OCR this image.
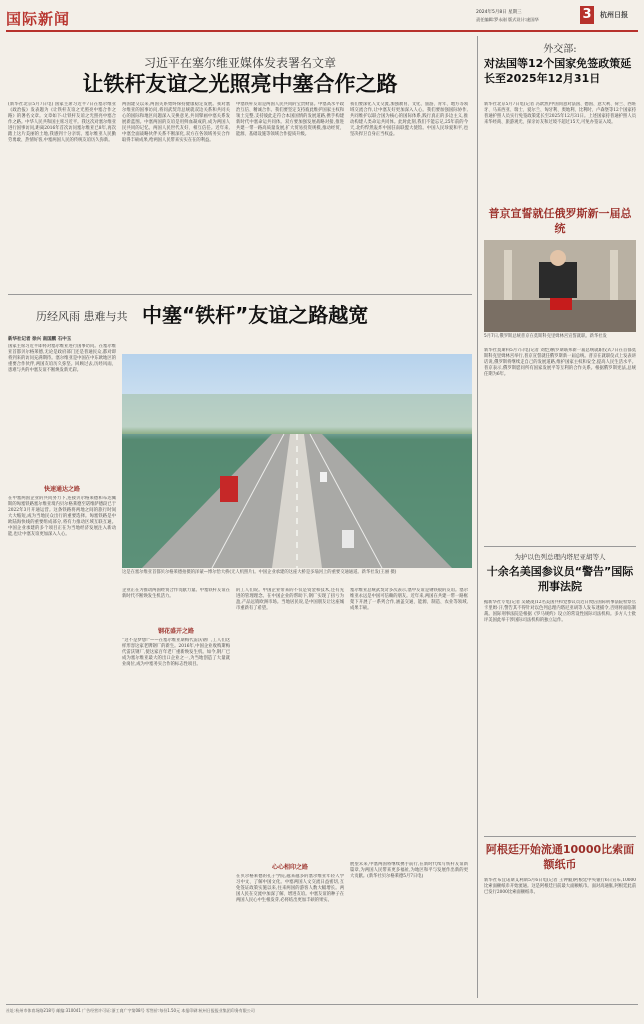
国际新闻	2024年5月8日 星期三
责任编辑:罗永刚 版式设计:庞国华	3	杭州日报
习近平在塞尔维亚媒体发表署名文章
让铁杆友谊之光照亮中塞合作之路
(新华社北京5月7日电) 国家主席习近平7日在塞尔维亚《政治报》发表题为《让铁杆友谊之光照亮中塞合作之路》的署名文章。文章如下:让铁杆友谊之光照亮中塞合作之路。中华人民共和国主席习近平。我这次对塞尔维亚进行国事访问,距离2016年首次访问塞尔维亚已8年,再次踏上这片美丽的土地,我感到十分亲切。塞尔维亚人民勤劳勇敢、热情好客,中塞两国人民的传统友谊历久弥新。
两国建交以来,两国关系始终保持健康稳定发展。我对塞尔维亚的国事访问,将同武契奇总统就双边关系和共同关心的国际和地区问题深入交换意见,共同擘画中塞关系发展新蓝图。中塞两国的友谊是用鲜血凝成的,成为两国人民共同的记忆。两国人民世代友好、相互信任。近年来,中塞全面战略伙伴关系不断深化,双方在各领域务实合作取得丰硕成果,给两国人民带来实实在在的利益。
中塞铁杆友谊是两国人民共同的宝贵财富。中塞高水平政治互信、精诚合作。我们要坚定支持彼此维护国家主权和领土完整,支持彼此走符合本国国情的发展道路,携手构建新时代中塞命运共同体。双方要加强发展战略对接,推进共建一带一路高质量发展,扩大贸易投资规模,推动经贸、能源、基础设施等领域合作提质升级。
我们要深化人文交流,加强教育、文化、旅游、青年、地方等领域交流合作,让中塞友好更加深入人心。我们要加强国际协作,共同维护以联合国为核心的国际体系,践行真正的多边主义,推动构建人类命运共同体。此时此刻,我们不能忘记,25年前的今天,北约悍然轰炸中国驻南联盟大使馆。中国人民珍爱和平,也坚决捍卫自身正当权益。
历经风雨 患难与共 中塞“铁杆”友谊之路越宽
新华社记者 徐兴 南国鹏 石中玉
国家主席习近平即将对塞尔维亚进行国事访问。在塞尔维亚首都贝尔格莱德,无论是政府部门还是普通民众,都对即将到来的访问充满期待。塞尔维亚是中国在中东欧地区的重要合作伙伴,两国友谊历久弥坚。回顾过去,历经风雨、患难与共的中塞友谊不断焕发新光彩。
快速通达之路
在中塞两国企业的共同努力下,连接贝尔格莱德和布达佩斯的匈塞铁路塞尔维亚境内贝尔格莱德至诺维萨德段已于2022年3月开通运营。这条铁路将两地之间的旅行时间大大缩短,成为当地民众出行的重要选择。匈塞铁路是中欧陆海快线的重要组成部分,将有力推动区域互联互通。中国企业承建的多个项目正在为当地经济发展注入新动能,也让中塞友谊更加深入人心。
这是在塞尔维亚首都贝尔格莱德拍摄的泽蒙—博尔恰大桥(无人机照片)。中国企业承建的这座大桥是多瑙河上的重要交通通道。新华社发(王丽 摄)
企业正在为推动两国经贸合作贡献力量。中塞铁杆友谊在新时代不断焕发生机活力。
钢花盛开之路
“这不是梦想!”——在塞尔维亚斯梅代雷沃钢厂,工人们这样形容这家老牌钢厂的新生。2016年,中国企业收购斯梅代雷沃钢厂,使这家百年老厂重新焕发生机。如今,钢厂已成为塞尔维亚最大的出口企业之一,为当地创造了大量就业岗位,成为中塞务实合作的标志性项目。
的工人们说。中国企业带来的不仅是资金和技术,还有先进的管理理念。在中国企业的帮助下,钢厂实现了扭亏为盈,产品远销欧洲市场。当地居民说,是中国朋友让这座城市重新有了希望。
心心相印之路
在贝尔格莱德的孔子学院,越来越多的塞尔维亚年轻人学习中文、了解中国文化。中塞两国人文交流日益密切,互免签证政策实施以来,往来两国的游客人数大幅增长。两国人民在交流中加深了解、增进友谊。中塞友谊的种子在两国人民心中生根发芽,必将结出更加丰硕的果实。
塞尔维亚总统武契奇多次表示,塞中友谊是钢铁般的友谊。塞尔维亚永远是中国可信赖的朋友。近年来,两国在共建一带一路框架下开展了一系列合作,涵盖交通、能源、制造、农业等领域,成果丰硕。
展望未来,中塞两国将继续携手前行,在新时代续写铁杆友谊新篇章,为两国人民带来更多福祉,为地区和平与发展作出新的更大贡献。(新华社贝尔格莱德5月7日电)
外交部:
对法国等12个国家免签政策延长至2025年12月31日
新华社北京5月7日电(记者 冯歆然)中国同意对法国、德国、意大利、荷兰、西班牙、马来西亚、瑞士、爱尔兰、匈牙利、奥地利、比利时、卢森堡等12个国家持普通护照人员实行免签政策延长至2025年12月31日。上述国家持普通护照人员来华经商、旅游观光、探亲访友和过境不超过15天,可免办签证入境。
普京宣誓就任俄罗斯新一届总统
5月7日,俄罗斯总统普京在莫斯科克里姆林宫宣誓就职。新华社发
新华社莫斯科5月7日电(记者 刘恺)俄罗斯联邦新一届总统就职仪式7日在首都莫斯科克里姆林宫举行,普京宣誓就任俄罗斯新一届总统。普京在就职仪式上发表讲话说,俄罗斯将继续走自己的发展道路,维护国家主权和安全,提高人民生活水平。普京表示,俄罗斯愿同所有国家发展平等互利的合作关系。根据俄罗斯宪法,总统任期为6年。
为护以色列总理内塔尼亚胡等人
十余名美国参议员“警告”国际刑事法院
据新华社专电(记者 吴晓凌)12名美国共和党参议员近日致信国际刑事法院检察官卡里姆·汗,警告其不得针对以色列总理内塔尼亚胡等人发布逮捕令,否则将面临制裁。国际刑事法院是根据《罗马规约》设立的常设性国际司法机构。多方人士批评美国此举干涉国际司法机构的独立运作。
阿根廷开始流通10000比索面额纸币
新华社布宜诺斯艾利斯5月6日电(记者 王钟毅)阿根廷中央银行6日宣布,10000比索面额纸币开始流通。这是阿根廷目前最大面额纸币。面对高通胀,阿根廷此前已发行2000比索面额纸币。
社址:杭州市体育场路218号 邮编:310041 广告经营许可证:浙工商广字第08号 零售价:每份1.50元 本报印刷:杭州日报报业集团印务有限公司
